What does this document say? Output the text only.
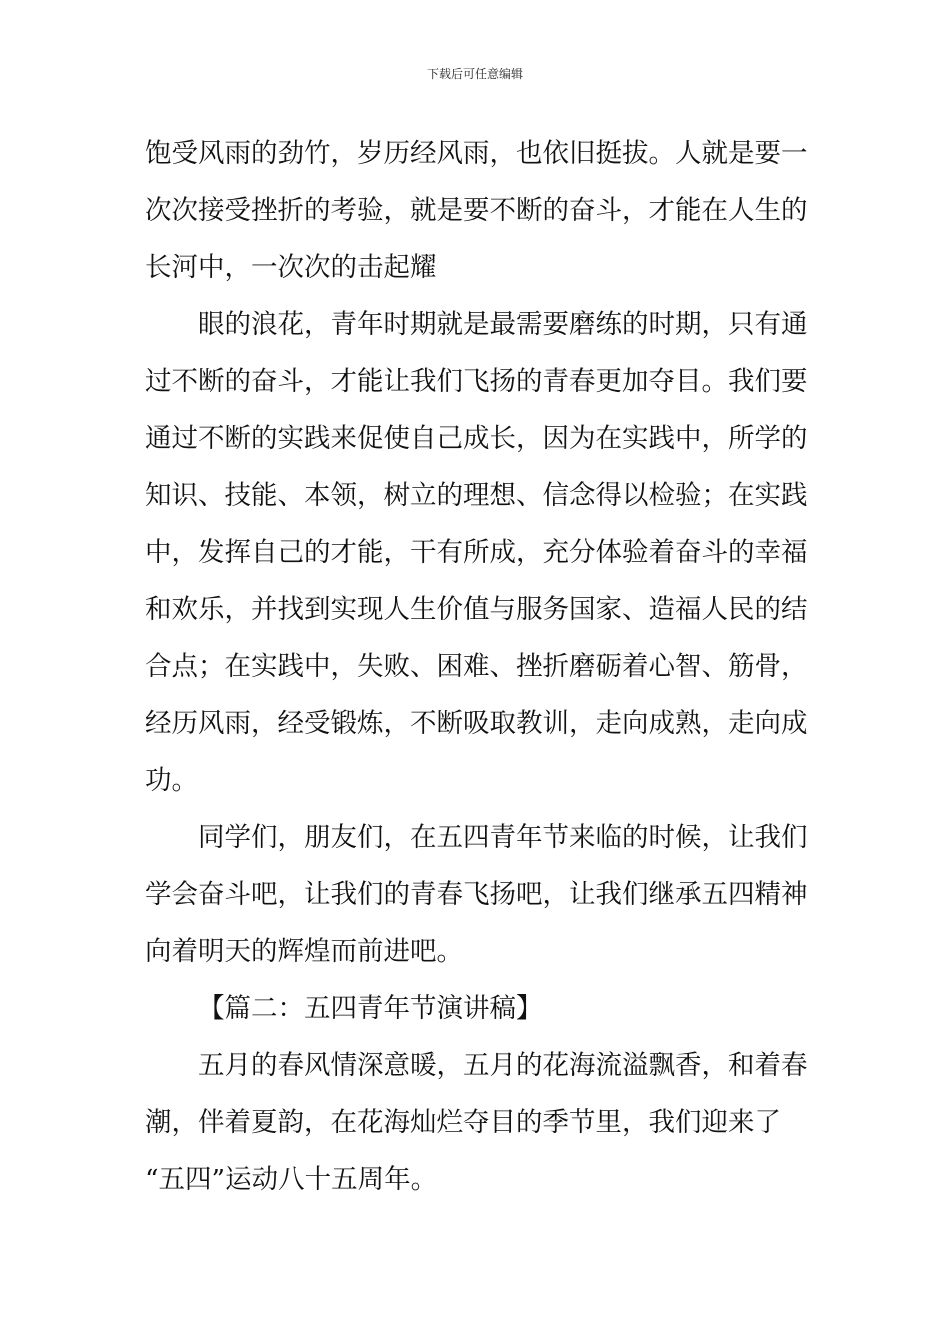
下载后可任意编辑

饱受风雨的劲竹，岁历经风雨，也依旧挺拔。人就是要一
次次接受挫折的考验，就是要不断的奋斗，才能在人生的
长河中，一次次的击起耀

眼的浪花，青年时期就是最需要磨练的时期，只有通
过不断的奋斗，才能让我们飞扬的青春更加夺目。我们要
通过不断的实践来促使自己成长，因为在实践中，所学的
知识、技能、本领，树立的理想、信念得以检验；在实践
中，发挥自己的才能，干有所成，充分体验着奋斗的幸福
和欢乐，并找到实现人生价值与服务国家、造福人民的结
合点；在实践中，失败、困难、挫折磨砺着心智、筋骨，
经历风雨，经受锻炼，不断吸取教训，走向成熟，走向成
功。

同学们，朋友们，在五四青年节来临的时候，让我们
学会奋斗吧，让我们的青春飞扬吧，让我们继承五四精神
向着明天的辉煌而前进吧。

【篇二：五四青年节演讲稿】

五月的春风情深意暖，五月的花海流溢飘香，和着春
潮，伴着夏韵，在花海灿烂夺目的季节里，我们迎来了
“五四”运动八十五周年。
